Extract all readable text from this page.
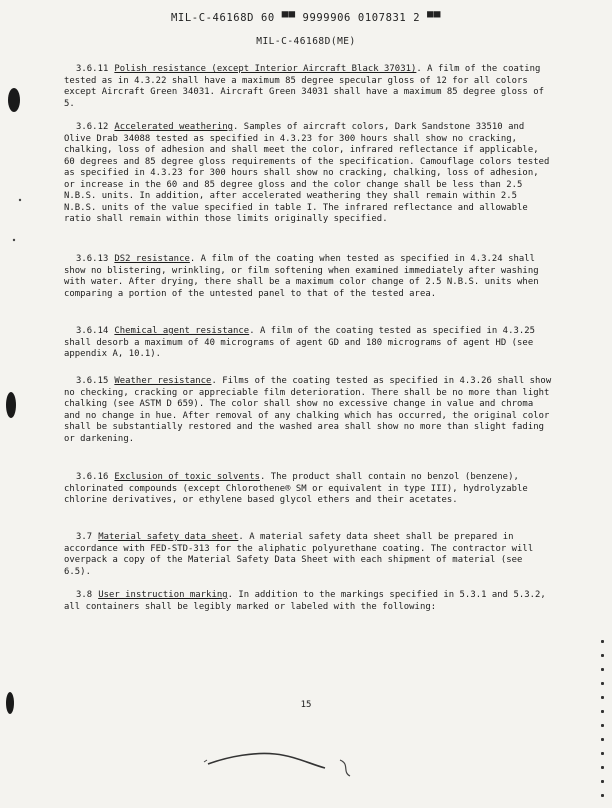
MIL-C-46168D 60 ▀▀ 9999906 0107831 2 ▀▀
MIL-C-46168D(ME)

3.6.11 Polish resistance (except Interior Aircraft Black 37031). A film of the coating tested as in 4.3.22 shall have a maximum 85 degree specular gloss of 12 for all colors except Aircraft Green 34031. Aircraft Green 34031 shall have a maximum 85 degree gloss of 5.

3.6.12 Accelerated weathering. Samples of aircraft colors, Dark Sandstone 33510 and Olive Drab 34088 tested as specified in 4.3.23 for 300 hours shall show no cracking, chalking, loss of adhesion and shall meet the color, infrared reflectance if applicable, 60 degrees and 85 degree gloss requirements of the specification. Camouflage colors tested as specified in 4.3.23 for 300 hours shall show no cracking, chalking, loss of adhesion, or increase in the 60 and 85 degree gloss and the color change shall be less than 2.5 N.B.S. units. In addition, after accelerated weathering they shall remain within 2.5 N.B.S. units of the value specified in table I. The infrared reflectance and allowable ratio shall remain within those limits originally specified.

3.6.13 DS2 resistance. A film of the coating when tested as specified in 4.3.24 shall show no blistering, wrinkling, or film softening when examined immediately after washing with water. After drying, there shall be a maximum color change of 2.5 N.B.S. units when comparing a portion of the untested panel to that of the tested area.

3.6.14 Chemical agent resistance. A film of the coating tested as specified in 4.3.25 shall desorb a maximum of 40 micrograms of agent GD and 180 micrograms of agent HD (see appendix A, 10.1).

3.6.15 Weather resistance. Films of the coating tested as specified in 4.3.26 shall show no checking, cracking or appreciable film deterioration. There shall be no more than light chalking (see ASTM D 659). The color shall show no excessive change in value and chroma and no change in hue. After removal of any chalking which has occurred, the original color shall be substantially restored and the washed area shall show no more than slight fading or darkening.

3.6.16 Exclusion of toxic solvents. The product shall contain no benzol (benzene), chlorinated compounds (except Chlorothene® SM or equivalent in type III), hydrolyzable chlorine derivatives, or ethylene based glycol ethers and their acetates.

3.7 Material safety data sheet. A material safety data sheet shall be prepared in accordance with FED-STD-313 for the aliphatic polyurethane coating. The contractor will overpack a copy of the Material Safety Data Sheet with each shipment of material (see 6.5).

3.8 User instruction marking. In addition to the markings specified in 5.3.1 and 5.3.2, all containers shall be legibly marked or labeled with the following:

15
